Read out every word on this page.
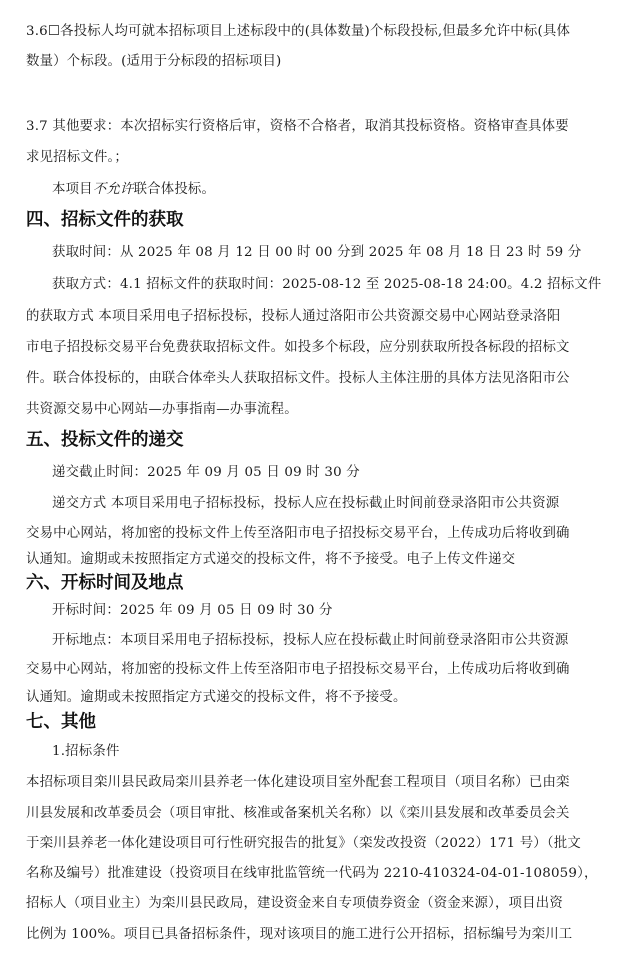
3.6☐各投标人均可就本招标项目上述标段中的(具体数量)个标段投标,但最多允许中标(具体
数量）个标段。(适用于分标段的招标项目)
3.7 其他要求：本次招标实行资格后审，资格不合格者，取消其投标资格。资格审查具体要
求见招标文件。；
本项目不允许联合体投标。
四、招标文件的获取
获取时间：从 2025 年 08 月 12 日 00 时 00 分到 2025 年 08 月 18 日 23 时 59 分
获取方式：4.1 招标文件的获取时间：2025-08-12 至 2025-08-18 24:00。4.2 招标文件
的获取方式 本项目采用电子招标投标，投标人通过洛阳市公共资源交易中心网站登录洛阳
市电子招投标交易平台免费获取招标文件。如投多个标段，应分别获取所投各标段的招标文
件。联合体投标的，由联合体牵头人获取招标文件。投标人主体注册的具体方法见洛阳市公
共资源交易中心网站—办事指南—办事流程。
五、投标文件的递交
递交截止时间：2025 年 09 月 05 日 09 时 30 分
递交方式 本项目采用电子招标投标，投标人应在投标截止时间前登录洛阳市公共资源
交易中心网站，将加密的投标文件上传至洛阳市电子招投标交易平台，上传成功后将收到确
认通知。逾期或未按照指定方式递交的投标文件，将不予接受。电子上传文件递交
六、开标时间及地点
开标时间：2025 年 09 月 05 日 09 时 30 分
开标地点：本项目采用电子招标投标，投标人应在投标截止时间前登录洛阳市公共资源
交易中心网站，将加密的投标文件上传至洛阳市电子招投标交易平台，上传成功后将收到确
认通知。逾期或未按照指定方式递交的投标文件，将不予接受。
七、其他
1.招标条件
本招标项目栾川县民政局栾川县养老一体化建设项目室外配套工程项目（项目名称）已由栾
川县发展和改革委员会（项目审批、核准或备案机关名称）以《栾川县发展和改革委员会关
于栾川县养老一体化建设项目可行性研究报告的批复》（栾发改投资（2022）171 号）（批文
名称及编号）批准建设（投资项目在线审批监管统一代码为 2210-410324-04-01-108059），
招标人（项目业主）为栾川县民政局，建设资金来自专项债券资金（资金来源），项目出资
比例为 100%。项目已具备招标条件，现对该项目的施工进行公开招标，招标编号为栾川工
